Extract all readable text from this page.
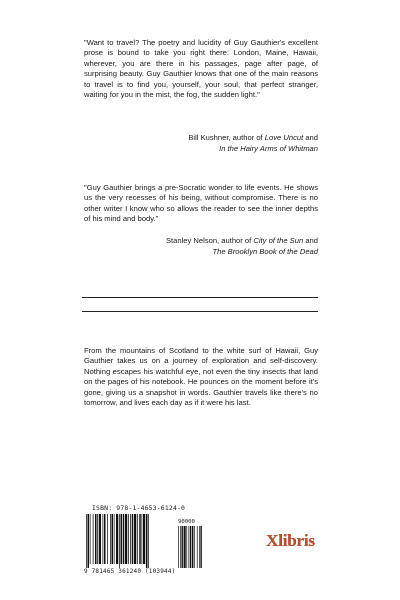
"Want to travel? The poetry and lucidity of Guy Gauthier's excellent prose is bound to take you right there: London, Maine, Hawaii, wherever, you are there in his passages, page after page, of surprising beauty. Guy Gauthier knows that one of the main reasons to travel is to find you, yourself, your soul, that perfect stranger, waiting for you in the mist, the fog, the sudden light."

Bill Kushner, author of Love Uncut and
In the Hairy Arms of Whitman

"Guy Gauthier brings a pre-Socratic wonder to life events. He shows us the very recesses of his being, without compromise. There is no other writer I know who so allows the reader to see the inner depths of his mind and body."

Stanley Nelson, author of City of the Sun and
The Brooklyn Book of the Dead

From the mountains of Scotland to the white surf of Hawaii, Guy Gauthier takes us on a journey of exploration and self-discovery. Nothing escapes his watchful eye, not even the tiny insects that land on the pages of his notebook. He pounces on the moment before it's gone, giving us a snapshot in words. Gauthier travels like there's no tomorrow, and lives each day as if it were his last.

ISBN: 978-1-4653-6124-0
90000
9 781465 361240 (103944)
Xlibris
